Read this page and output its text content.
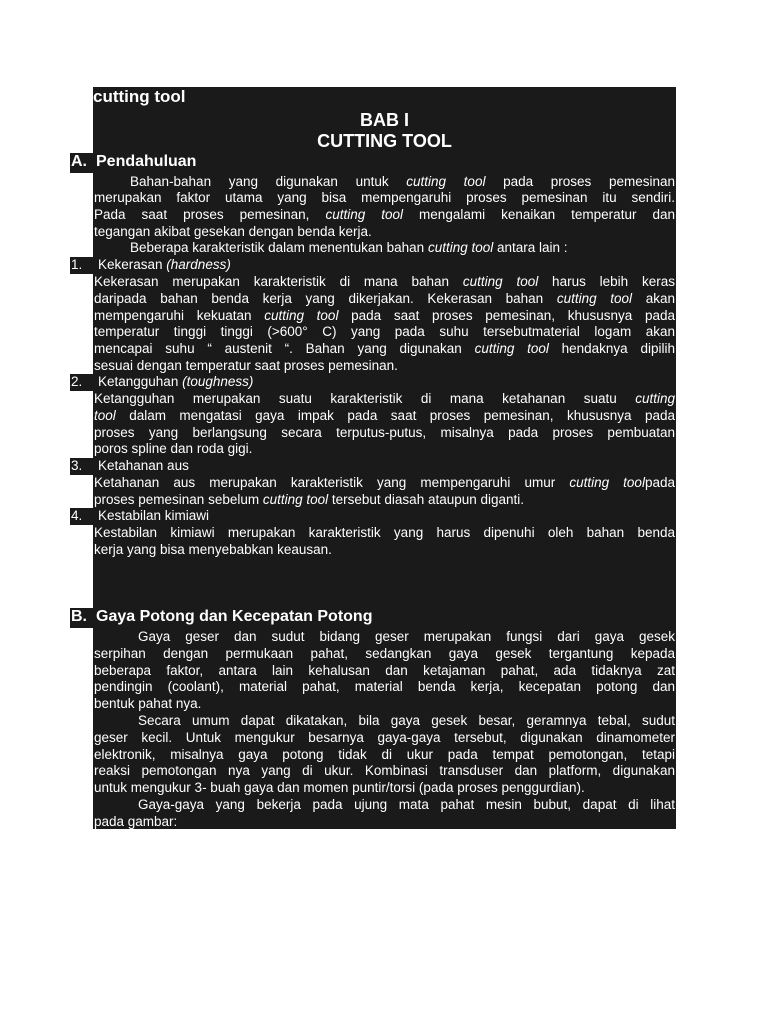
cutting tool
BAB I
CUTTING TOOL
A. Pendahuluan
Bahan-bahan yang digunakan untuk cutting tool pada proses pemesinan
merupakan faktor utama yang bisa mempengaruhi proses pemesinan itu sendiri.
Pada saat proses pemesinan, cutting tool mengalami kenaikan temperatur dan
tegangan akibat gesekan dengan benda kerja.
Beberapa karakteristik dalam menentukan bahan cutting tool antara lain :
1. Kekerasan (hardness)
Kekerasan merupakan karakteristik di mana bahan cutting tool harus lebih keras
daripada bahan benda kerja yang dikerjakan. Kekerasan bahan cutting tool akan
mempengaruhi kekuatan cutting tool pada saat proses pemesinan, khususnya pada
temperatur tinggi tinggi (>600° C) yang pada suhu tersebutmaterial logam akan
mencapai suhu “ austenit “. Bahan yang digunakan cutting tool hendaknya dipilih
sesuai dengan temperatur saat proses pemesinan.
2. Ketangguhan (toughness)
Ketangguhan merupakan suatu karakteristik di mana ketahanan suatu cutting
tool dalam mengatasi gaya impak pada saat proses pemesinan, khususnya pada
proses yang berlangsung secara terputus-putus, misalnya pada proses pembuatan
poros spline dan roda gigi.
3. Ketahanan aus
Ketahanan aus merupakan karakteristik yang mempengaruhi umur cutting toolpada
proses pemesinan sebelum cutting tool tersebut diasah ataupun diganti.
4. Kestabilan kimiawi
Kestabilan kimiawi merupakan karakteristik yang harus dipenuhi oleh bahan benda
kerja yang bisa menyebabkan keausan.
Gaya geser dan sudut bidang geser merupakan fungsi dari gaya gesek
serpihan dengan permukaan pahat, sedangkan gaya gesek tergantung kepada
beberapa faktor, antara lain kehalusan dan ketajaman pahat, ada tidaknya zat
pendingin (coolant), material pahat, material benda kerja, kecepatan potong dan
bentuk pahat nya.
Secara umum dapat dikatakan, bila gaya gesek besar, geramnya tebal, sudut
geser kecil. Untuk mengukur besarnya gaya-gaya tersebut, digunakan dinamometer
elektronik, misalnya gaya potong tidak di ukur pada tempat pemotongan, tetapi
reaksi pemotongan nya yang di ukur. Kombinasi transduser dan platform, digunakan
untuk mengukur 3- buah gaya dan momen puntir/torsi (pada proses penggurdian).
Gaya-gaya yang bekerja pada ujung mata pahat mesin bubut, dapat di lihat
pada gambar:
B. Gaya Potong dan Kecepatan Potong
